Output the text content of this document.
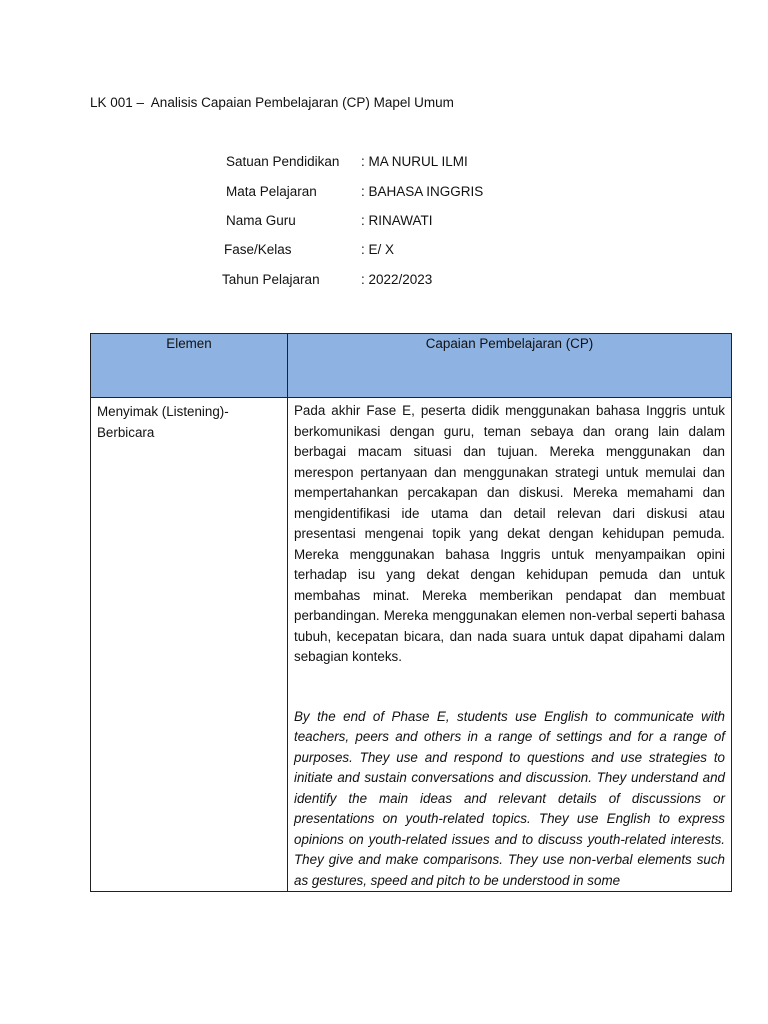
LK 001 –  Analisis Capaian Pembelajaran (CP) Mapel Umum
Satuan Pendidikan : MA NURUL ILMI
Mata Pelajaran	: BAHASA INGGRIS
Nama Guru	: RINAWATI
Fase/Kelas	: E/ X
Tahun Pelajaran	: 2022/2023
Elemen	Capaian Pembelajaran (CP)
Menyimak (Listening)- Berbicara	Pada akhir Fase E, peserta didik menggunakan bahasa Inggris untuk berkomunikasi dengan guru, teman sebaya dan orang lain dalam berbagai macam situasi dan tujuan. Mereka menggunakan dan merespon pertanyaan dan menggunakan strategi untuk memulai dan mempertahankan percakapan dan diskusi. Mereka memahami dan mengidentifikasi ide utama dan detail relevan dari diskusi atau presentasi mengenai topik yang dekat dengan kehidupan pemuda. Mereka menggunakan bahasa Inggris untuk menyampaikan opini terhadap isu yang dekat dengan kehidupan pemuda dan untuk membahas minat. Mereka memberikan pendapat dan membuat perbandingan. Mereka menggunakan elemen non-verbal seperti bahasa tubuh, kecepatan bicara, dan nada suara untuk dapat dipahami dalam sebagian konteks.

By the end of Phase E, students use English to communicate with teachers, peers and others in a range of settings and for a range of purposes. They use and respond to questions and use strategies to initiate and sustain conversations and discussion. They understand and identify the main ideas and relevant details of discussions or presentations on youth-related topics. They use English to express opinions on youth-related issues and to discuss youth-related interests. They give and make comparisons. They use non-verbal elements such as gestures, speed and pitch to be understood in some
